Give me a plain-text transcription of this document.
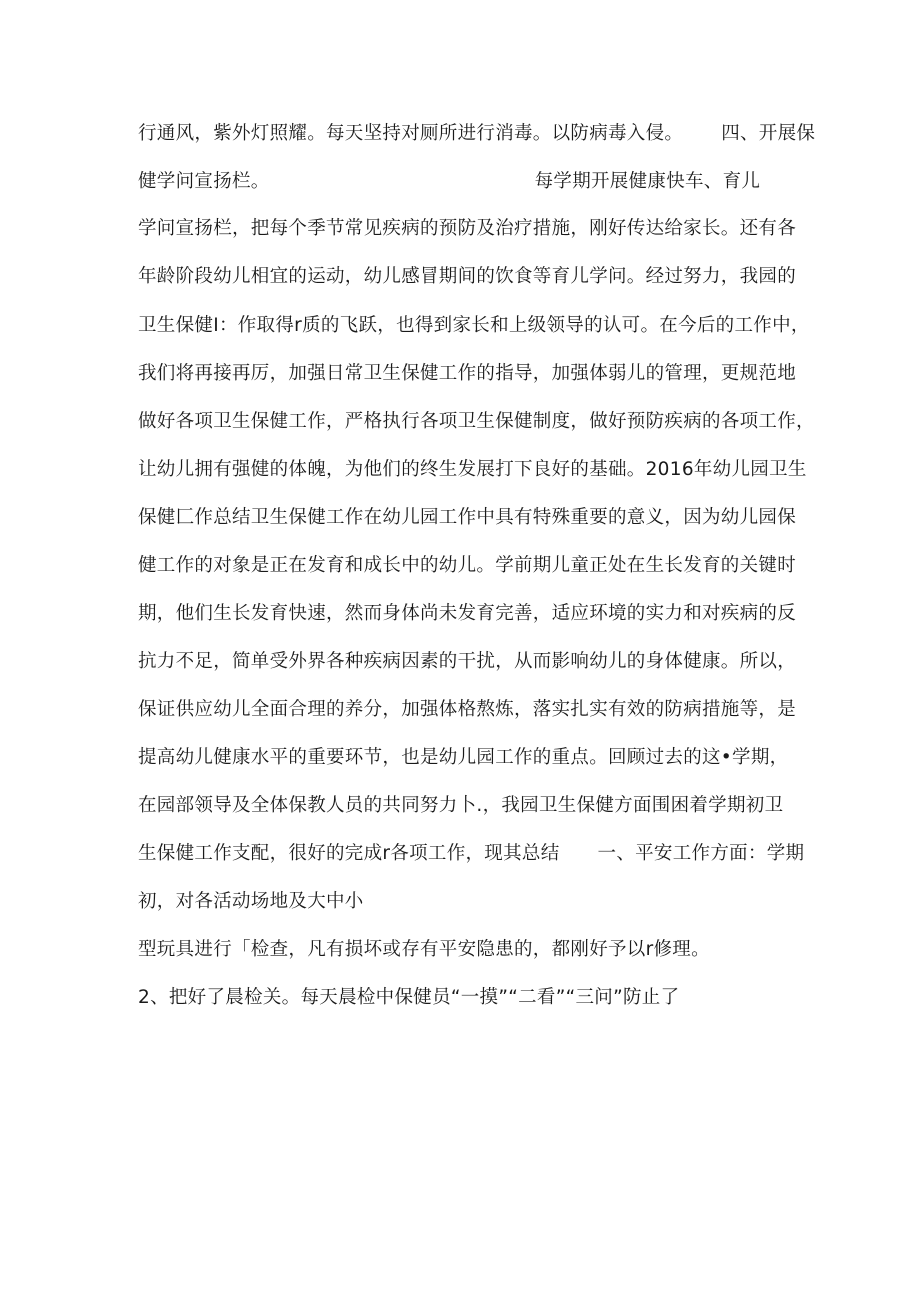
行通风，紫外灯照耀。每天坚持对厕所进行消毒。以防病毒入侵。 四、开展保
健学问宣扬栏。	每学期开展健康快车、育儿
学问宣扬栏，把每个季节常见疾病的预防及治疗措施，刚好传达给家长。还有各
年龄阶段幼儿相宜的运动，幼儿感冒期间的饮食等育儿学问。经过努力，我园的
卫生保健I：作取得r质的飞跃，也得到家长和上级领导的认可。在今后的工作中，
我们将再接再厉，加强日常卫生保健工作的指导，加强体弱儿的管理，更规范地
做好各项卫生保健工作，严格执行各项卫生保健制度，做好预防疾病的各项工作，
让幼儿拥有强健的体魄，为他们的终生发展打下良好的基础。2016年幼儿园卫生
保健匚作总结卫生保健工作在幼儿园工作中具有特殊重要的意义，因为幼儿园保
健工作的对象是正在发育和成长中的幼儿。学前期儿童正处在生长发育的关键时
期，他们生长发育快速，然而身体尚未发育完善，适应环境的实力和对疾病的反
抗力不足，简单受外界各种疾病因素的干扰，从而影响幼儿的身体健康。所以，
保证供应幼儿全面合理的养分，加强体格熬炼，落实扎实有效的防病措施等，是
提高幼儿健康水平的重要环节，也是幼儿园工作的重点。回顾过去的这•学期，
在园部领导及全体保教人员的共同努力卜.，我园卫生保健方面围困着学期初卫
生保健工作支配，很好的完成r各项工作，现其总结 一、平安工作方面：学期
初，对各活动场地及大中小
型玩具进行「检查，凡有损坏或存有平安隐患的，都刚好予以r修理。
2、把好了晨检关。每天晨检中保健员“一摸”“二看”“三问”防止了
